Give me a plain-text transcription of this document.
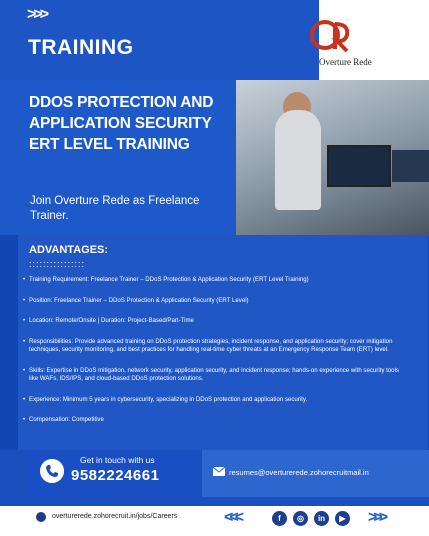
>>>
TRAINING
Overture Rede
DDOS PROTECTION AND APPLICATION SECURITY ERT LEVEL TRAINING
Join Overture Rede as Freelance Trainer.
ADVANTAGES:
::::::::::::::::
• Training Requirement: Freelance Trainer – DDoS Protection & Application Security (ERT Level Training)
• Position: Freelance Trainer – DDoS Protection & Application Security (ERT Level)
• Location: Remote/Onsite | Duration: Project-Based/Part-Time
• Responsibilities: Provide advanced training on DDoS protection strategies, incident response, and application security; cover mitigation techniques, security monitoring, and best practices for handling real-time cyber threats at an Emergency Response Team (ERT) level.
• Skills: Expertise in DDoS mitigation, network security, application security, and incident response; hands-on experience with security tools like WAFs, IDS/IPS, and cloud-based DDoS protection solutions.
• Experience: Minimum 5 years in cybersecurity, specializing in DDoS protection and application security.
• Compensation: Competitive
Get in touch with us
9582224661	resumes@overturerede.zohorecruitmail.in
overturerede.zohorecruit.in/jobs/Careers	<<<	f	◎	in	▶ >>>
